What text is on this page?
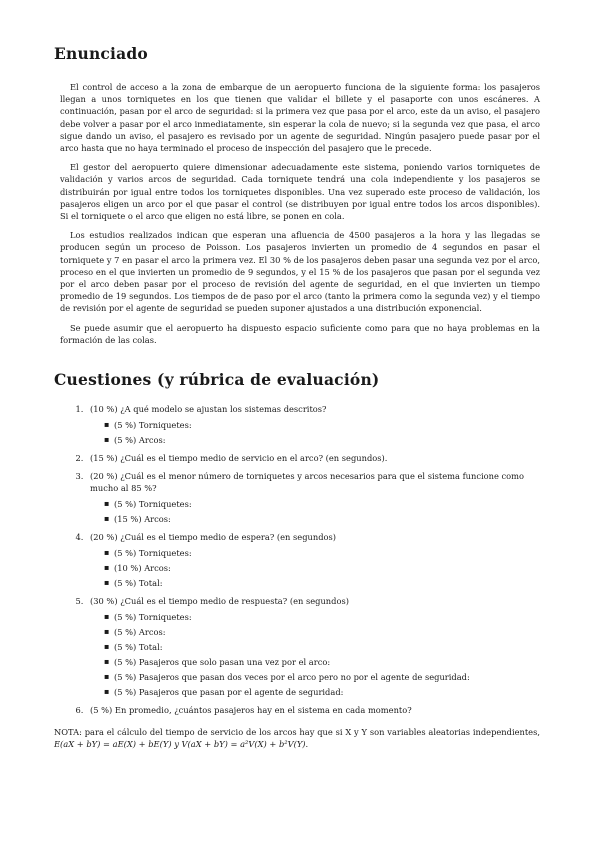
Enunciado

El control de acceso a la zona de embarque de un aeropuerto funciona de la siguiente forma: los pasajeros llegan a unos torniquetes en los que tienen que validar el billete y el pasaporte con unos escáneres. A continuación, pasan por el arco de seguridad: si la primera vez que pasa por el arco, este da un aviso, el pasajero debe volver a pasar por el arco inmediatamente, sin esperar la cola de nuevo; si la segunda vez que pasa, el arco sigue dando un aviso, el pasajero es revisado por un agente de seguridad. Ningún pasajero puede pasar por el arco hasta que no haya terminado el proceso de inspección del pasajero que le precede.

El gestor del aeropuerto quiere dimensionar adecuadamente este sistema, poniendo varios torniquetes de validación y varios arcos de seguridad. Cada torniquete tendrá una cola independiente y los pasajeros se distribuirán por igual entre todos los torniquetes disponibles. Una vez superado este proceso de validación, los pasajeros eligen un arco por el que pasar el control (se distribuyen por igual entre todos los arcos disponibles). Si el torniquete o el arco que eligen no está libre, se ponen en cola.

Los estudios realizados indican que esperan una afluencia de 4500 pasajeros a la hora y las llegadas se producen según un proceso de Poisson. Los pasajeros invierten un promedio de 4 segundos en pasar el torniquete y 7 en pasar el arco la primera vez. El 30 % de los pasajeros deben pasar una segunda vez por el arco, proceso en el que invierten un promedio de 9 segundos, y el 15 % de los pasajeros que pasan por el segunda vez por el arco deben pasar por el proceso de revisión del agente de seguridad, en el que invierten un tiempo promedio de 19 segundos. Los tiempos de de paso por el arco (tanto la primera como la segunda vez) y el tiempo de revisión por el agente de seguridad se pueden suponer ajustados a una distribución exponencial.

Se puede asumir que el aeropuerto ha dispuesto espacio suficiente como para que no haya problemas en la formación de las colas.

Cuestiones (y rúbrica de evaluación)
1. (10 %) ¿A qué modelo se ajustan los sistemas descritos?
▪ (5 %) Torniquetes:
▪ (5 %) Arcos:
2. (15 %) ¿Cuál es el tiempo medio de servicio en el arco? (en segundos).
3. (20 %) ¿Cuál es el menor número de torniquetes y arcos necesarios para que el sistema funcione como mucho al 85 %?
▪ (5 %) Torniquetes:
▪ (15 %) Arcos:
4. (20 %) ¿Cuál es el tiempo medio de espera? (en segundos)
▪ (5 %) Torniquetes:
▪ (10 %) Arcos:
▪ (5 %) Total:
5. (30 %) ¿Cuál es el tiempo medio de respuesta? (en segundos)
▪ (5 %) Torniquetes:
▪ (5 %) Arcos:
▪ (5 %) Total:
▪ (5 %) Pasajeros que solo pasan una vez por el arco:
▪ (5 %) Pasajeros que pasan dos veces por el arco pero no por el agente de seguridad:
▪ (5 %) Pasajeros que pasan por el agente de seguridad:
6. (5 %) En promedio, ¿cuántos pasajeros hay en el sistema en cada momento?
NOTA: para el cálculo del tiempo de servicio de los arcos hay que si X y Y son variables aleatorias independientes, E(aX + bY) = aE(X) + bE(Y) y V(aX + bY) = a²V(X) + b²V(Y).
